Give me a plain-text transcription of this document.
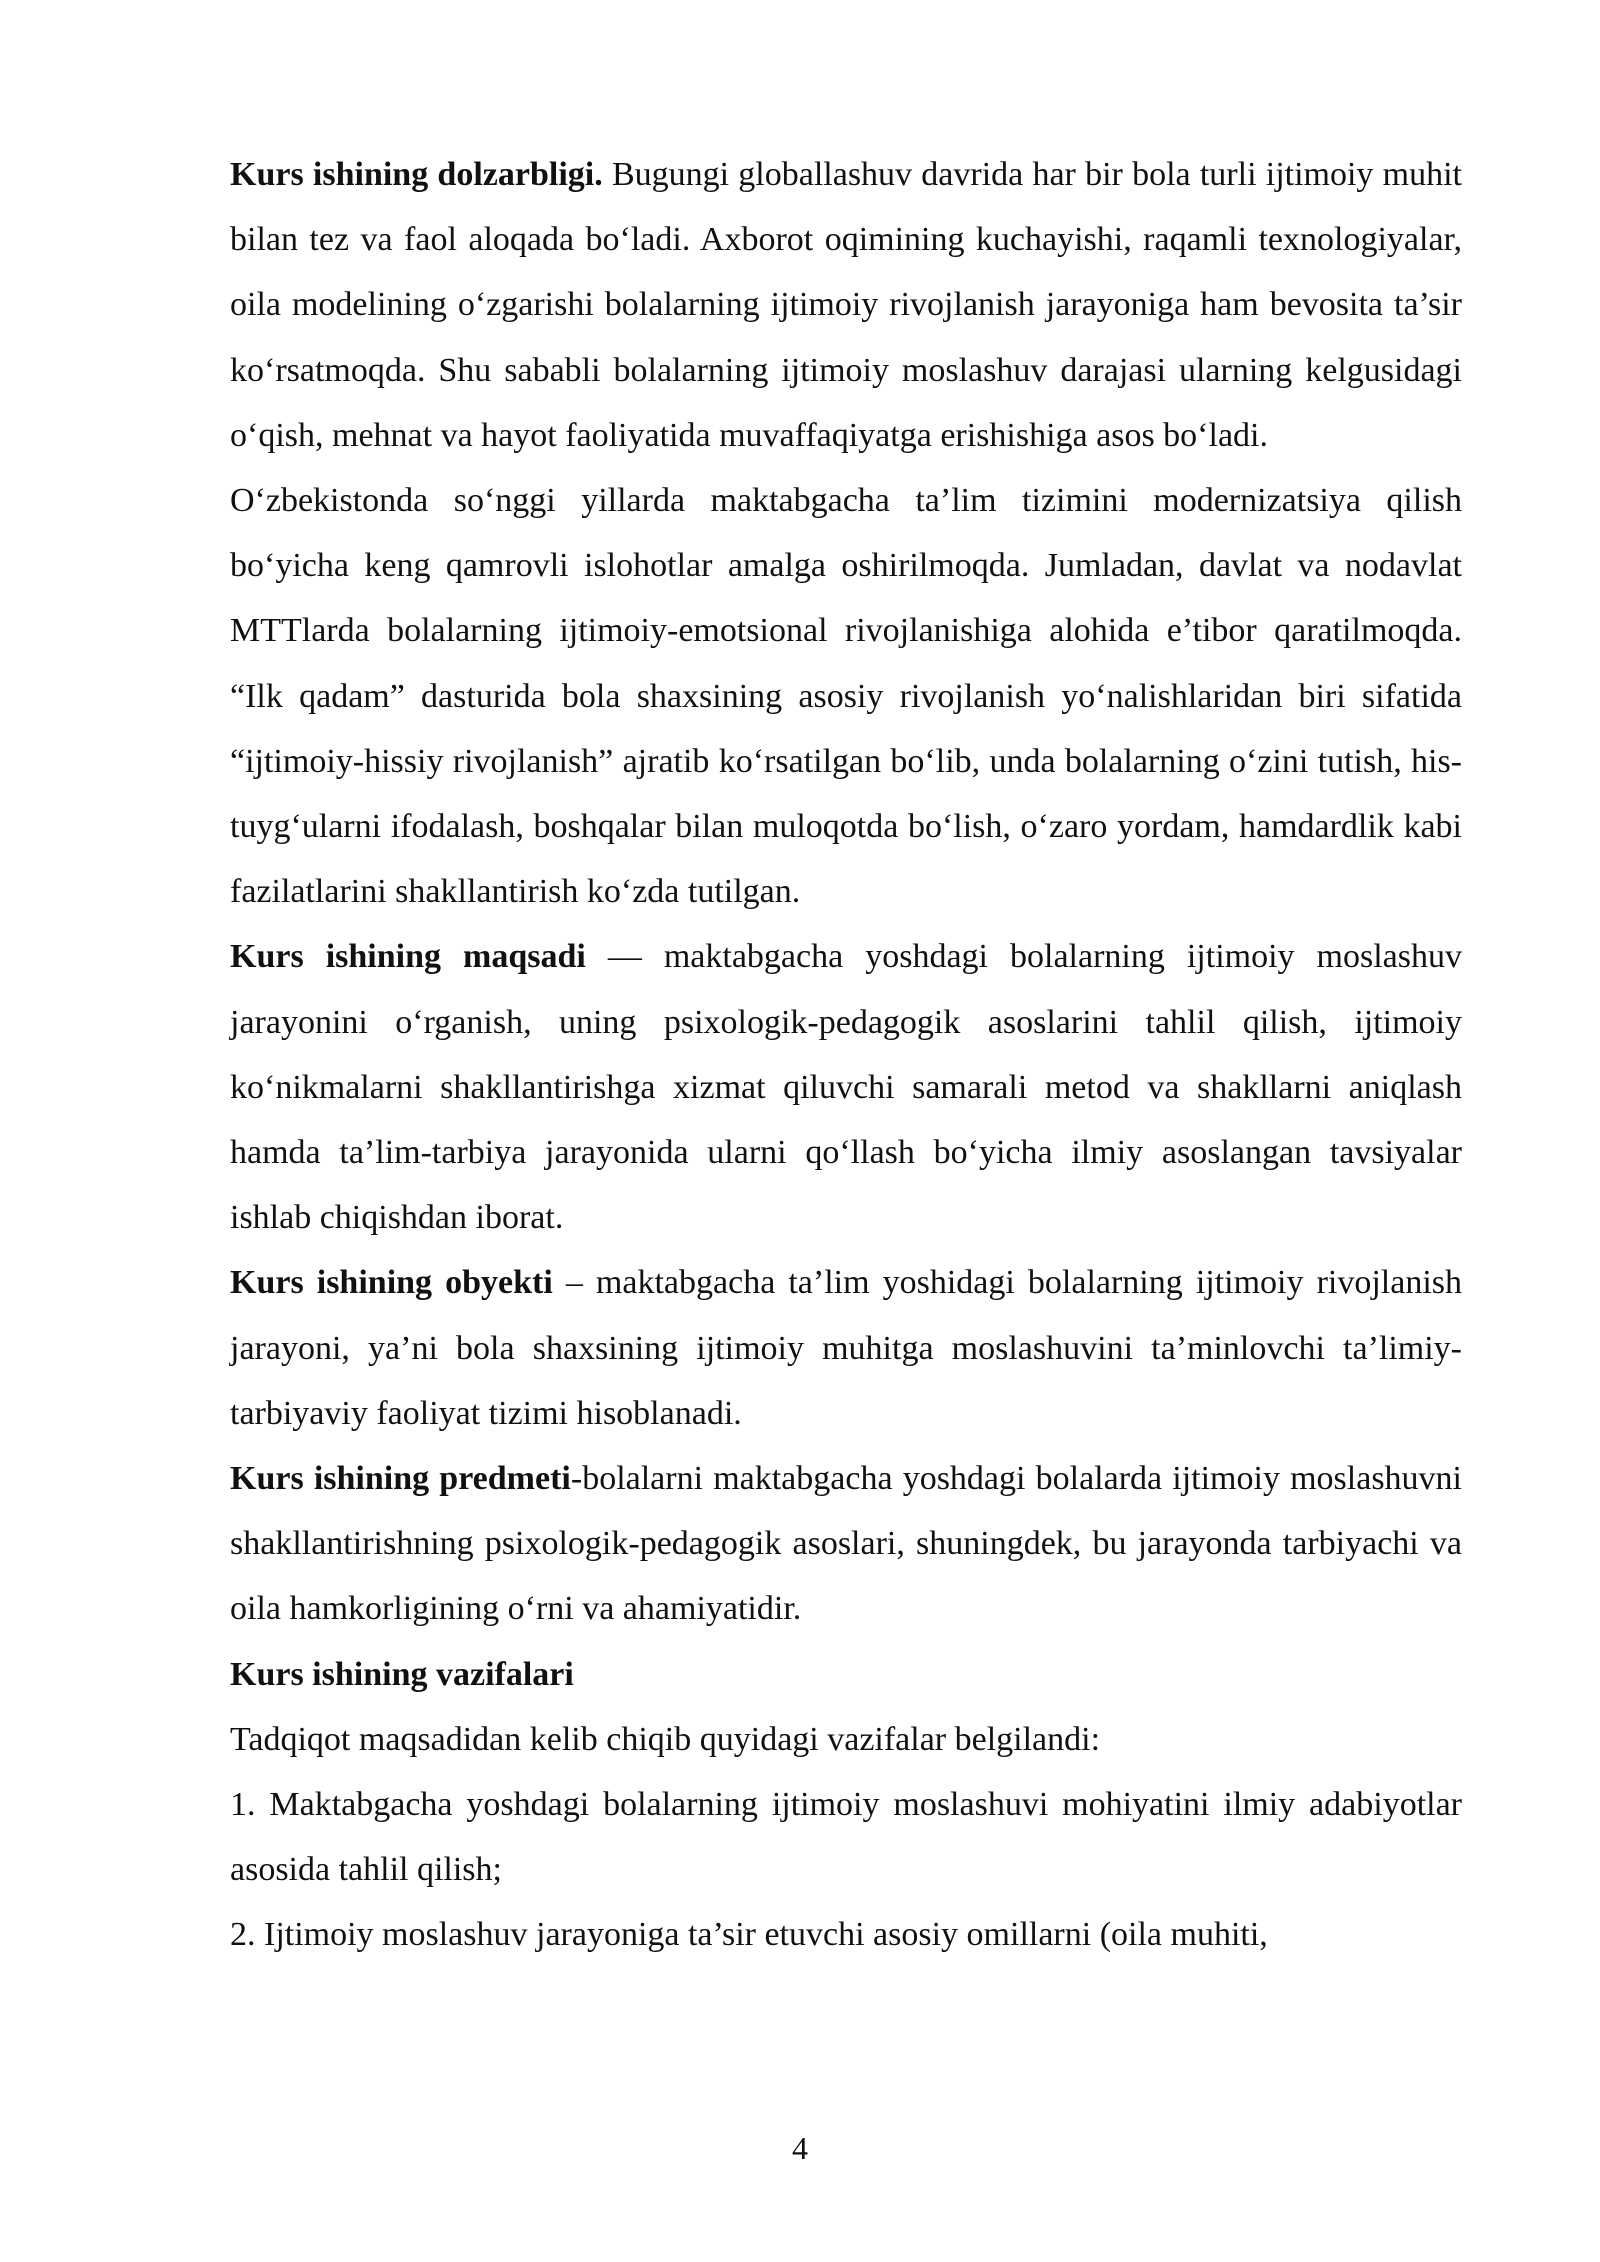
Kurs ishining dolzarbligi. Bugungi globallashuv davrida har bir bola turli ijtimoiy muhit bilan tez va faol aloqada bo‘ladi. Axborot oqimining kuchayishi, raqamli texnologiyalar, oila modelining o‘zgarishi bolalarning ijtimoiy rivojlanish jarayoniga ham bevosita ta’sir ko‘rsatmoqda. Shu sababli bolalarning ijtimoiy moslashuv darajasi ularning kelgusidagi o‘qish, mehnat va hayot faoliyatida muvaffaqiyatga erishishiga asos bo‘ladi.

O‘zbekistonda so‘nggi yillarda maktabgacha ta’lim tizimini modernizatsiya qilish bo‘yicha keng qamrovli islohotlar amalga oshirilmoqda. Jumladan, davlat va nodavlat MTTlarda bolalarning ijtimoiy-emotsional rivojlanishiga alohida e’tibor qaratilmoqda. “Ilk qadam” dasturida bola shaxsining asosiy rivojlanish yo‘nalishlaridan biri sifatida “ijtimoiy-hissiy rivojlanish” ajratib ko‘rsatilgan bo‘lib, unda bolalarning o‘zini tutish, his-tuyg‘ularni ifodalash, boshqalar bilan muloqotda bo‘lish, o‘zaro yordam, hamdardlik kabi fazilatlarini shakllantirish ko‘zda tutilgan.

Kurs ishining maqsadi — maktabgacha yoshdagi bolalarning ijtimoiy moslashuv jarayonini o‘rganish, uning psixologik-pedagogik asoslarini tahlil qilish, ijtimoiy ko‘nikmalarni shakllantirishga xizmat qiluvchi samarali metod va shakllarni aniqlash hamda ta’lim-tarbiya jarayonida ularni qo‘llash bo‘yicha ilmiy asoslangan tavsiyalar ishlab chiqishdan iborat.

Kurs ishining obyekti – maktabgacha ta’lim yoshidagi bolalarning ijtimoiy rivojlanish jarayoni, ya’ni bola shaxsining ijtimoiy muhitga moslashuvini ta’minlovchi ta’limiy-tarbiyaviy faoliyat tizimi hisoblanadi.

Kurs ishining predmeti-bolalarni maktabgacha yoshdagi bolalarda ijtimoiy moslashuvni shakllantirishning psixologik-pedagogik asoslari, shuningdek, bu jarayonda tarbiyachi va oila hamkorligining o‘rni va ahamiyatidir.

Kurs ishining vazifalari

Tadqiqot maqsadidan kelib chiqib quyidagi vazifalar belgilandi:

1. Maktabgacha yoshdagi bolalarning ijtimoiy moslashuvi mohiyatini ilmiy adabiyotlar asosida tahlil qilish;

2. Ijtimoiy moslashuv jarayoniga ta’sir etuvchi asosiy omillarni (oila muhiti,

4
